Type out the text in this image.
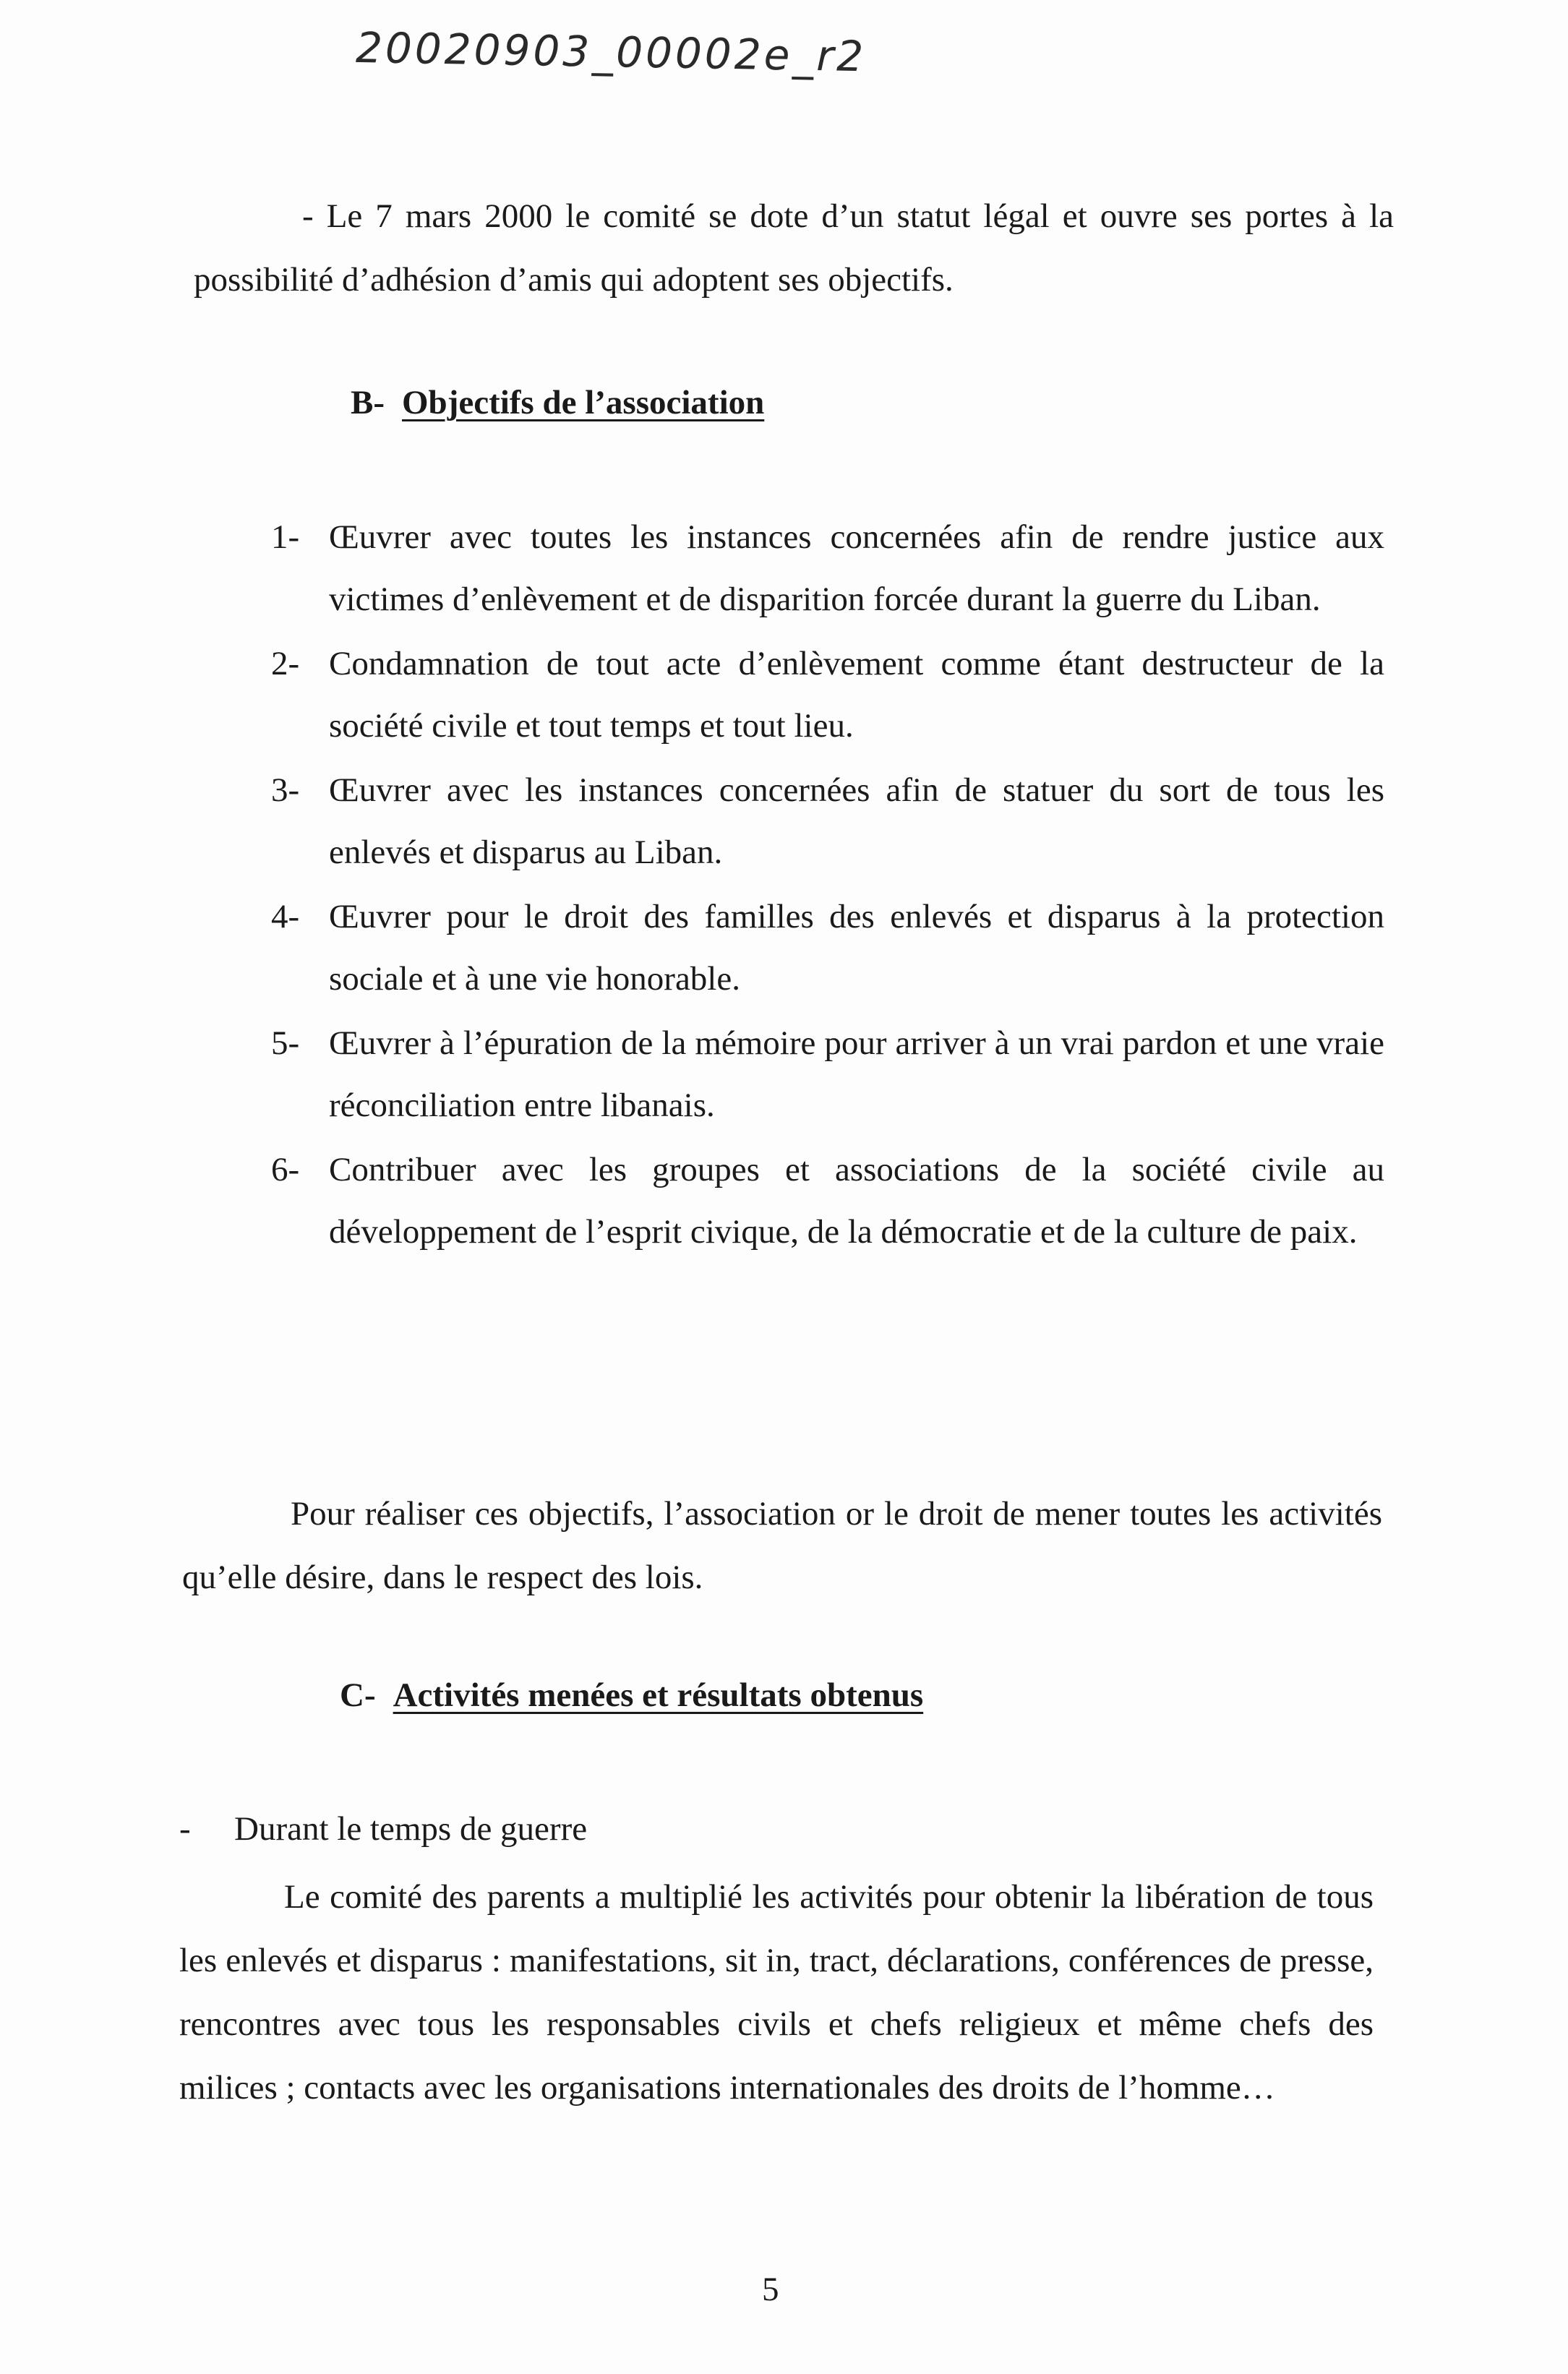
20020903_00002e_r2

- Le 7 mars 2000 le comité se dote d’un statut légal et ouvre ses portes à la possibilité d’adhésion d’amis qui adoptent ses objectifs.

B- Objectifs de l’association
1- Œuvrer avec toutes les instances concernées afin de rendre justice aux victimes d’enlèvement et de disparition forcée durant la guerre du Liban.
2- Condamnation de tout acte d’enlèvement comme étant destructeur de la société civile et tout temps et tout lieu.
3- Œuvrer avec les instances concernées afin de statuer du sort de tous les enlevés et disparus au Liban.
4- Œuvrer pour le droit des familles des enlevés et disparus à la protection sociale et à une vie honorable.
5- Œuvrer à l’épuration de la mémoire pour arriver à un vrai pardon et une vraie réconciliation entre libanais.
6- Contribuer avec les groupes et associations de la société civile au développement de l’esprit civique, de la démocratie et de la culture de paix.

Pour réaliser ces objectifs, l’association or le droit de mener toutes les activités qu’elle désire, dans le respect des lois.

C- Activités menées et résultats obtenus
- Durant le temps de guerre

Le comité des parents a multiplié les activités pour obtenir la libération de tous les enlevés et disparus : manifestations, sit in, tract, déclarations, conférences de presse, rencontres avec tous les responsables civils et chefs religieux et même chefs des milices ; contacts avec les organisations internationales des droits de l’homme…

5
